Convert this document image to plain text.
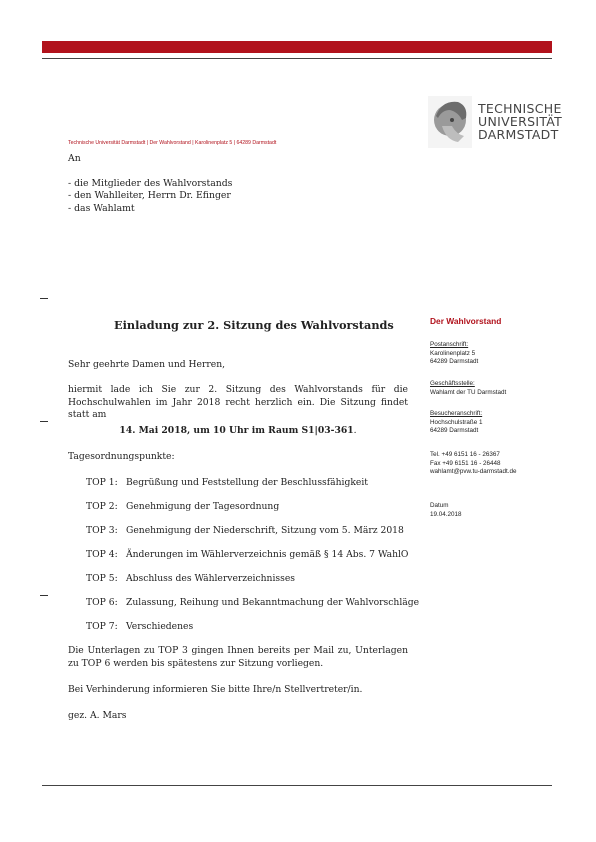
TECHNISCHE
UNIVERSITÄT
DARMSTADT
Technische Universität Darmstadt | Der Wahlvorstand | Karolinenplatz 5 | 64289 Darmstadt
An
- die Mitglieder des Wahlvorstands
- den Wahlleiter, Herrn Dr. Efinger
- das Wahlamt
Einladung zur 2. Sitzung des Wahlvorstands
Sehr geehrte Damen und Herren,
hiermit lade ich Sie zur 2. Sitzung des Wahlvorstands für die Hochschulwahlen im Jahr 2018 recht herzlich ein. Die Sitzung findet statt am
14. Mai 2018, um 10 Uhr im Raum S1|03-361.
Tagesordnungspunkte:
TOP 1: Begrüßung und Feststellung der Beschlussfähigkeit
TOP 2: Genehmigung der Tagesordnung
TOP 3: Genehmigung der Niederschrift, Sitzung vom 5. März 2018
TOP 4: Änderungen im Wählerverzeichnis gemäß § 14 Abs. 7 WahlO
TOP 5: Abschluss des Wählerverzeichnisses
TOP 6: Zulassung, Reihung und Bekanntmachung der Wahlvorschläge
TOP 7: Verschiedenes
Die Unterlagen zu TOP 3 gingen Ihnen bereits per Mail zu, Unterlagen zu TOP 6 werden bis spätestens zur Sitzung vorliegen.
Bei Verhinderung informieren Sie bitte Ihre/n Stellvertreter/in.
gez. A. Mars
Der Wahlvorstand
Postanschrift:
Karolinenplatz 5
64289 Darmstadt
Geschäftsstelle:
Wahlamt der TU Darmstadt
Besucheranschrift:
Hochschulstraße 1
64289 Darmstadt
Tel. +49 6151 16 - 26367
Fax +49 6151 16 - 26448
wahlamt@pvw.tu-darmstadt.de
Datum
19.04.2018
